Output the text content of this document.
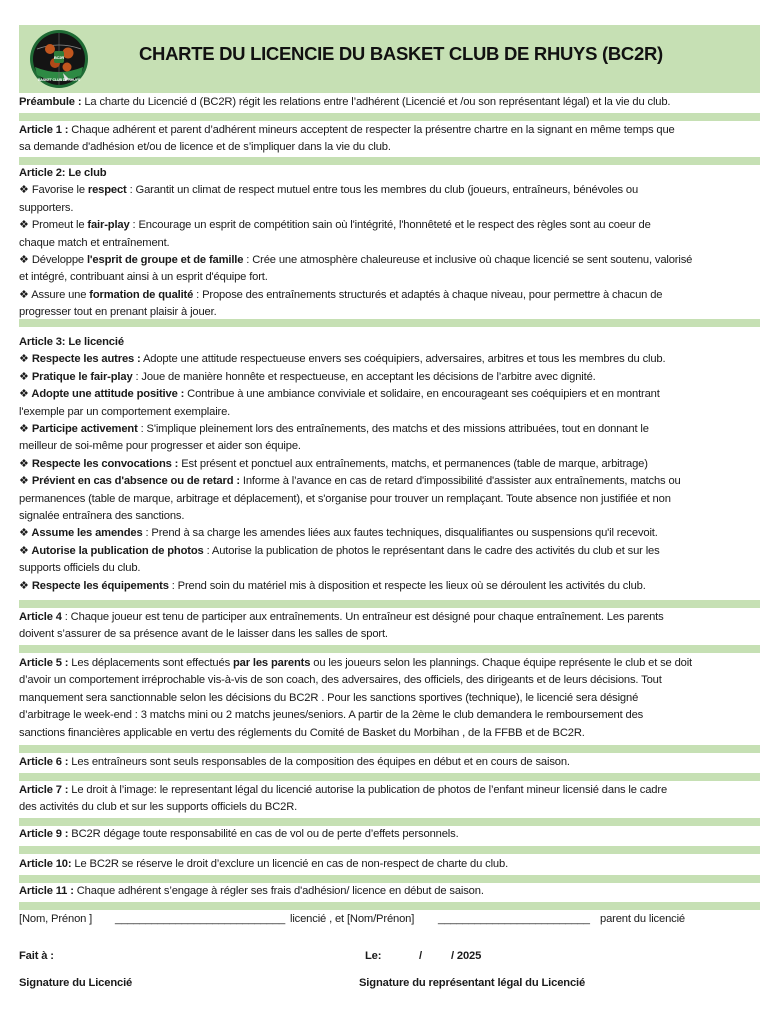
BC2R
BASKET CLUB DE RHUYS
CHARTE DU LICENCIE DU BASKET CLUB DE RHUYS (BC2R)
Préambule : La charte du Licencié d (BC2R) régit les relations entre l’adhérent (Licencié et /ou son représentant légal) et la vie du club.
Article 1 : Chaque adhérent et parent d’adhérent mineurs acceptent de respecter la présentre chartre en la signant en même temps que
sa demande d'adhésion et/ou de licence et de s’impliquer dans la vie du club.
Article 2: Le club
❖ Favorise le respect : Garantit un climat de respect mutuel entre tous les membres du club (joueurs, entraîneurs, bénévoles ou
supporters.
❖ Promeut le fair-play : Encourage un esprit de compétition sain où l'intégrité, l'honnêteté et le respect des règles sont au coeur de
chaque match et entraînement.
❖ Développe l'esprit de groupe et de famille : Crée une atmosphère chaleureuse et inclusive où chaque licencié se sent soutenu, valorisé
et intégré, contribuant ainsi à un esprit d'équipe fort.
❖ Assure une formation de qualité : Propose des entraînements structurés et adaptés à chaque niveau, pour permettre à chacun de
progresser tout en prenant plaisir à jouer.
Article 3: Le licencié
❖ Respecte les autres : Adopte une attitude respectueuse envers ses coéquipiers, adversaires, arbitres et tous les membres du club.
❖ Pratique le fair-play : Joue de manière honnête et respectueuse, en acceptant les décisions de l’arbitre avec dignité.
❖ Adopte une attitude positive : Contribue à une ambiance conviviale et solidaire, en encourageant ses coéquipiers et en montrant
l'exemple par un comportement exemplaire.
❖ Participe activement : S'implique pleinement lors des entraînements, des matchs et des missions attribuées, tout en donnant le
meilleur de soi-même pour progresser et aider son équipe.
❖ Respecte les convocations : Est présent et ponctuel aux entraînements, matchs, et permanences (table de marque, arbitrage)
❖ Prévient en cas d'absence ou de retard : Informe à l’avance en cas de retard d'impossibilité d'assister aux entraînements, matchs ou
permanences (table de marque, arbitrage et déplacement), et s'organise pour trouver un remplaçant. Toute absence non justifiée et non
signalée entraînera des sanctions.
❖ Assume les amendes : Prend à sa charge les amendes liées aux fautes techniques, disqualifiantes ou suspensions qu'il recevoit.
❖ Autorise la publication de photos : Autorise la publication de photos le représentant dans le cadre des activités du club et sur les
supports officiels du club.
❖ Respecte les équipements : Prend soin du matériel mis à disposition et respecte les lieux où se déroulent les activités du club.
Article 4 : Chaque joueur est tenu de participer aux entraînements. Un entraîneur est désigné pour chaque entraînement. Les parents
doivent s’assurer de sa présence avant de le laisser dans les salles de sport.
Article 5 : Les déplacements sont effectués par les parents ou les joueurs selon les plannings. Chaque équipe représente le club et se doit
d’avoir un comportement irréprochable vis-à-vis de son coach, des adversaires, des officiels, des dirigeants et de leurs décisions. Tout
manquement sera sanctionnable selon les décisions du BC2R . Pour les sanctions sportives (technique), le licencié sera désigné
d’arbitrage le week-end : 3 matchs mini ou 2 matchs jeunes/seniors. A partir de la 2ème le club demandera le remboursement des
sanctions financières applicable en vertu des réglements du Comité de Basket du Morbihan , de la FFBB et de BC2R.
Article 6 : Les entraîneurs sont seuls responsables de la composition des équipes en début et en cours de saison.
Article 7 : Le droit à l’image: le representant légal du licencié autorise la publication de photos de l’enfant mineur licensié dans le cadre
des activités du club et sur les supports officiels du BC2R.
Article 9 : BC2R dégage toute responsabilité en cas de vol ou de perte d’effets personnels.
Article 10: Le BC2R se réserve le droit d’exclure un licencié en cas de non-respect de charte du club.
Article 11 : Chaque adhérent s’engage à régler ses frais d'adhésion/ licence en début de saison.
[Nom, Prénon ] ____________________________ licencié , et [Nom/Prénon] _________________________ parent du licencié
Fait à :	Le:	/	/ 2025
Signature du Licencié	Signature du représentant légal du Licencié
